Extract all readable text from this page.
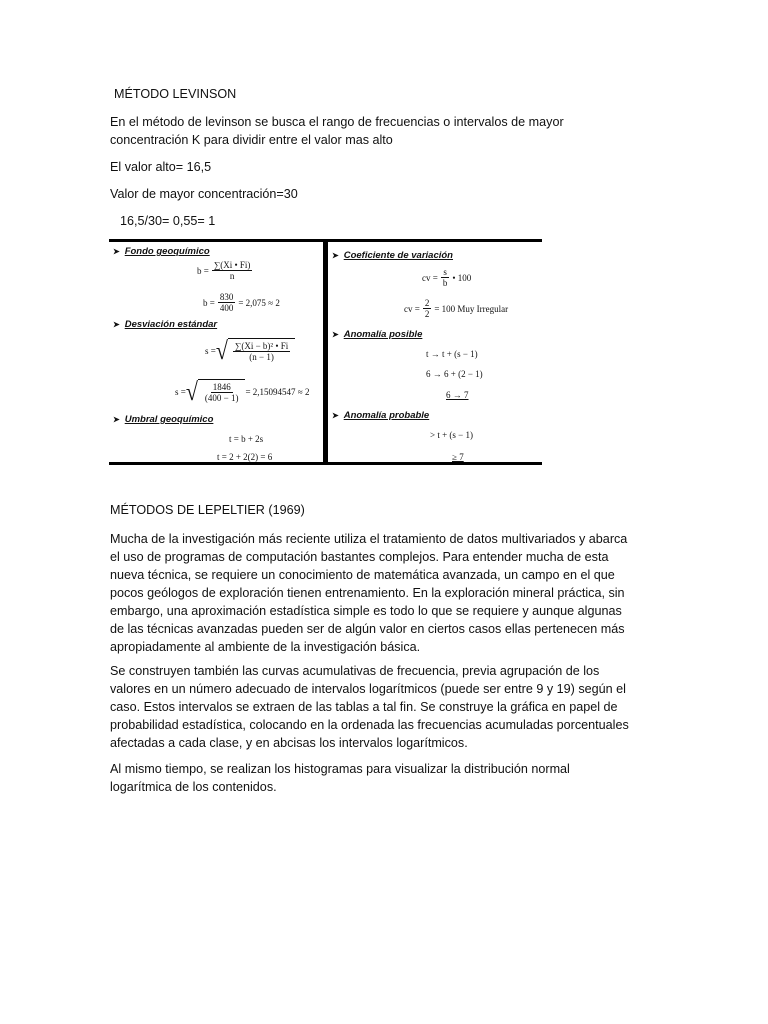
MÉTODO LEVINSON

En el método de levinson se busca el rango de frecuencias o intervalos de mayor concentración K para dividir entre el valor mas alto

El valor alto= 16,5

Valor de mayor concentración=30

16,5/30= 0,55= 1

➤ Fondo geoquímico
$b = \frac{\sum(Xi • Fi)}{n}$
$b = \frac{830}{400} = 2,075 \approx 2$
➤ Desviación estándar
s = √ $\frac{\text{∑(Xi − b)² • Fi}}{(n - 1)}$
s = √ $\frac{1846}{(400 - 1)} = 2,15094547 \approx 2$
➤ Umbral geoquímico
t = b + 2s
t = 2 + 2(2) = 6
➤ Coeficiente de variación
cv = $\frac{s}{b}$ • 100
cv = $\frac{2}{2} = 100$ Muy Irregular
➤ Anomalía posible
t → t + (s − 1)
6 → 6 + (2 − 1)
6 → 7
➤ Anomalía probable
> t + (s − 1)
≥ 7

MÉTODOS DE LEPELTIER (1969)

Mucha de la investigación más reciente utiliza el tratamiento de datos multivariados y abarca el uso de programas de computación bastantes complejos. Para entender mucha de esta nueva técnica, se requiere un conocimiento de matemática avanzada, un campo en el que pocos geólogos de exploración tienen entrenamiento. En la exploración mineral práctica, sin embargo, una aproximación estadística simple es todo lo que se requiere y aunque algunas de las técnicas avanzadas pueden ser de algún valor en ciertos casos ellas pertenecen más apropiadamente al ambiente de la investigación básica.

Se construyen también las curvas acumulativas de frecuencia, previa agrupación de los valores en un número adecuado de intervalos logarítmicos (puede ser entre 9 y 19) según el caso. Estos intervalos se extraen de las tablas a tal fin. Se construye la gráfica en papel de probabilidad estadística, colocando en la ordenada las frecuencias acumuladas porcentuales afectadas a cada clase, y en abcisas los intervalos logarítmicos.

Al mismo tiempo, se realizan los histogramas para visualizar la distribución normal logarítmica de los contenidos.
